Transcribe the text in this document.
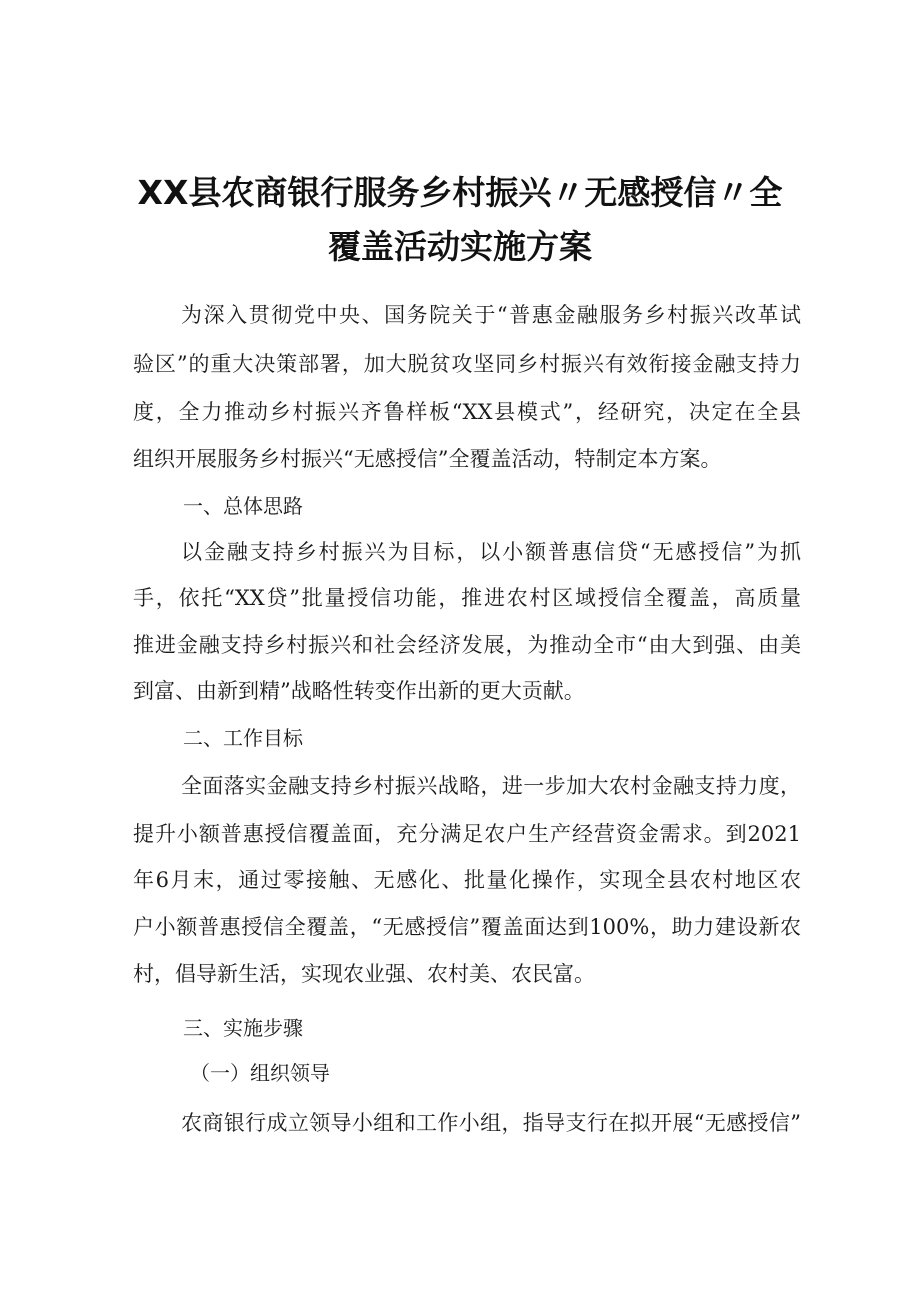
XX县农商银行服务乡村振兴〃无感授信〃全
覆盖活动实施方案
为深入贯彻党中央、国务院关于“普惠金融服务乡村振兴改革试
验区”的重大决策部署，加大脱贫攻坚同乡村振兴有效衔接金融支持力
度，全力推动乡村振兴齐鲁样板“XX县模式”，经研究，决定在全县
组织开展服务乡村振兴“无感授信”全覆盖活动，特制定本方案。
一、总体思路
以金融支持乡村振兴为目标，以小额普惠信贷“无感授信”为抓
手，依托“XX贷”批量授信功能，推进农村区域授信全覆盖，高质量
推进金融支持乡村振兴和社会经济发展，为推动全市“由大到强、由美
到富、由新到精”战略性转变作出新的更大贡献。
二、工作目标
全面落实金融支持乡村振兴战略，进一步加大农村金融支持力度，
提升小额普惠授信覆盖面，充分满足农户生产经营资金需求。到2021
年6月末，通过零接触、无感化、批量化操作，实现全县农村地区农
户小额普惠授信全覆盖，“无感授信”覆盖面达到100%，助力建设新农
村，倡导新生活，实现农业强、农村美、农民富。
三、实施步骤
（一）组织领导
农商银行成立领导小组和工作小组，指导支行在拟开展“无感授信”
